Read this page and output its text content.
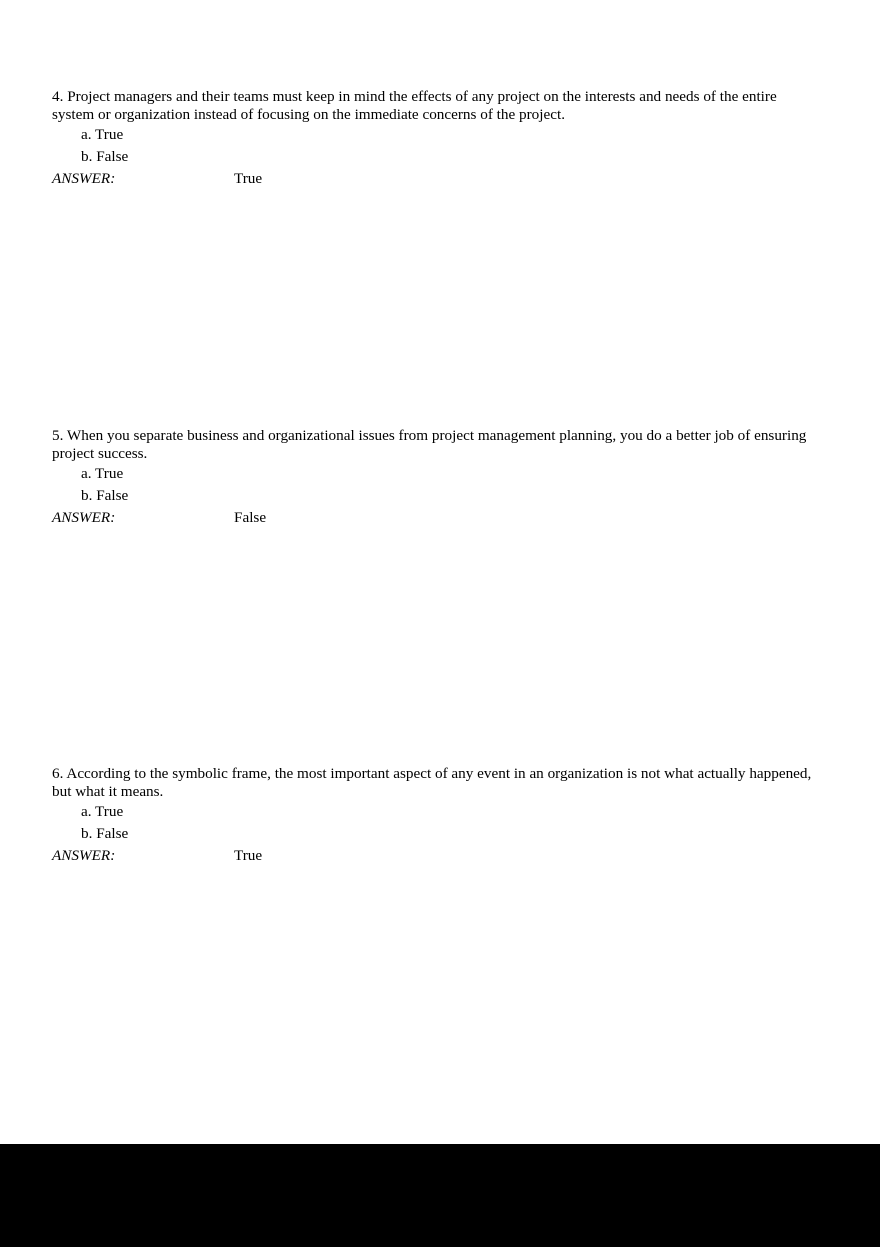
4. Project managers and their teams must keep in mind the effects of any project on the interests and needs of the entire system or organization instead of focusing on the immediate concerns of the project.

a. True
b. False
ANSWER:	True

5. When you separate business and organizational issues from project management planning, you do a better job of ensuring project success.

a. True
b. False
ANSWER:	False

6. According to the symbolic frame, the most important aspect of any event in an organization is not what actually happened, but what it means.

a. True
b. False
ANSWER:	True
